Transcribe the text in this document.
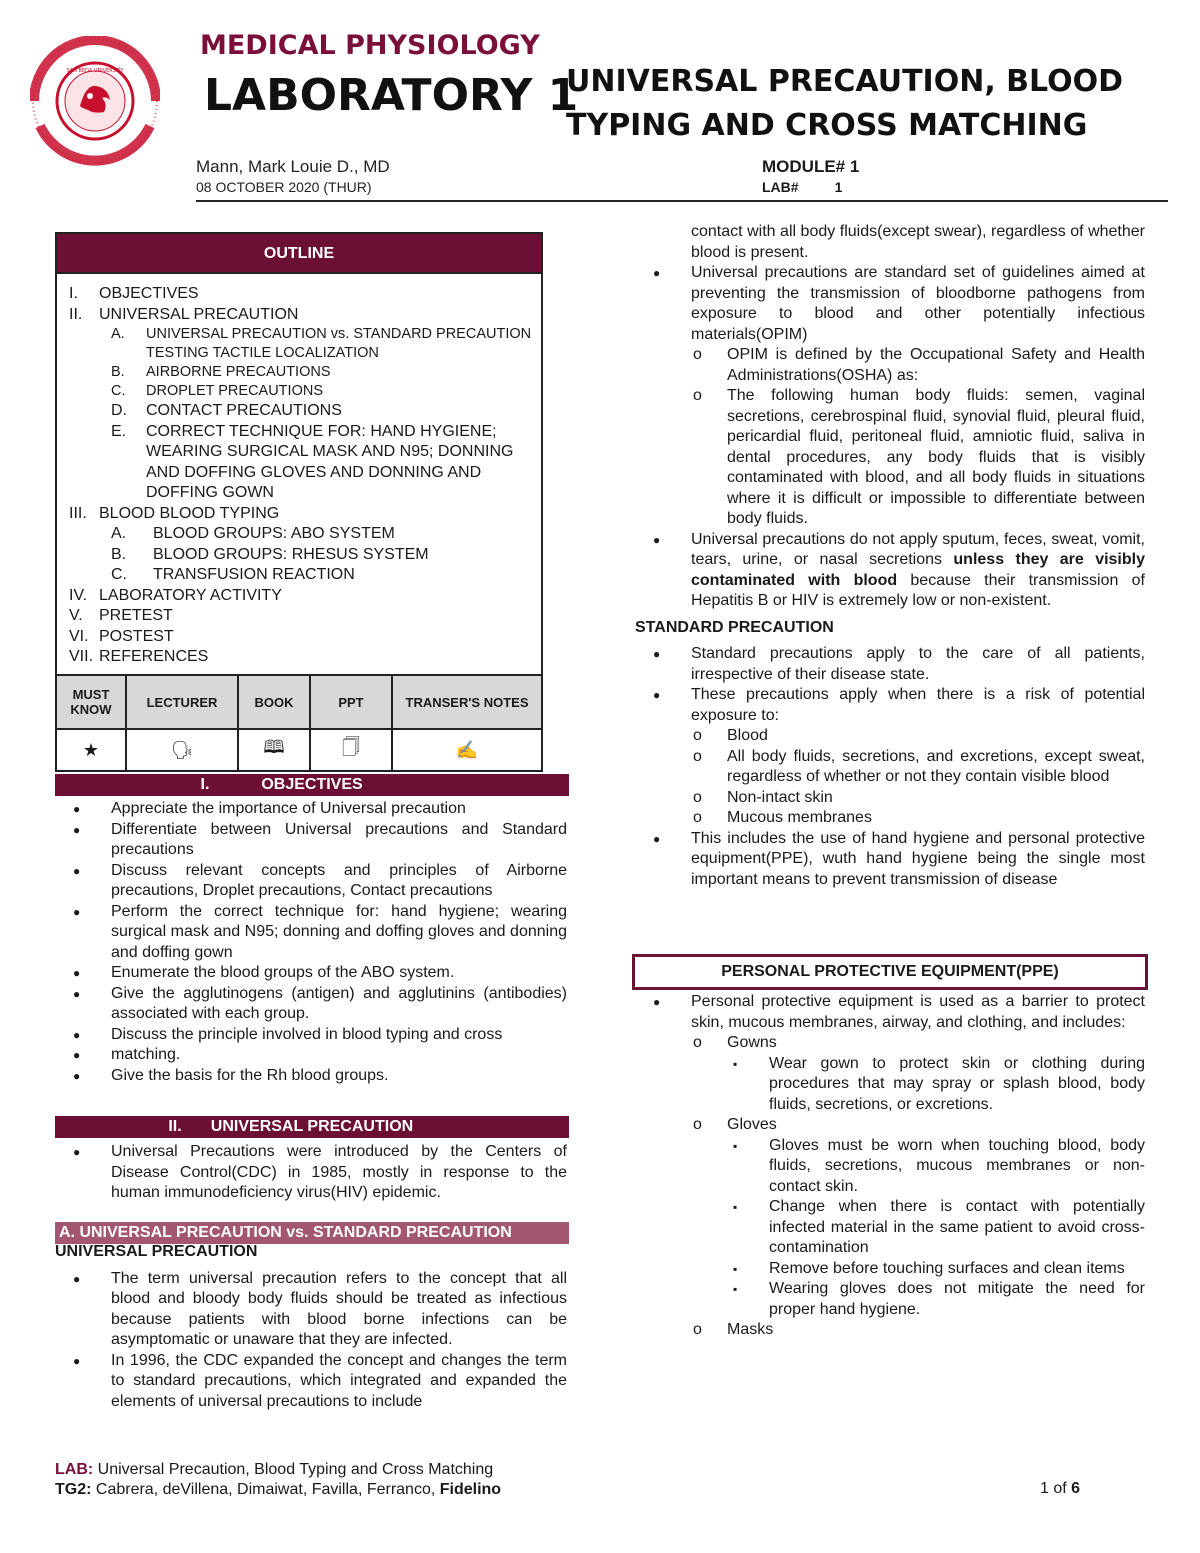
SAN BEDA UNIVERSITY
MEDICAL PHYSIOLOGY
LABORATORY 1
UNIVERSAL PRECAUTION, BLOOD TYPING AND CROSS MATCHING
Mann, Mark Louie D., MD
08 OCTOBER 2020 (THUR)
MODULE# 1
LAB#	1
OUTLINE
I.	OBJECTIVES
II.	UNIVERSAL PRECAUTION
A.	UNIVERSAL PRECAUTION vs. STANDARD PRECAUTION TESTING TACTILE LOCALIZATION
B.	AIRBORNE PRECAUTIONS
C.	DROPLET PRECAUTIONS
D.	CONTACT PRECAUTIONS
E.	CORRECT TECHNIQUE FOR: HAND HYGIENE; WEARING SURGICAL MASK AND N95; DONNING AND DOFFING GLOVES AND DONNING AND DOFFING GOWN
III. BLOOD BLOOD TYPING
A.	BLOOD GROUPS: ABO SYSTEM
B.	BLOOD GROUPS: RHESUS SYSTEM
C.	TRANSFUSION REACTION
IV. LABORATORY ACTIVITY
V.	PRETEST
VI. POSTEST
VII. REFERENCES
MUST KNOW
★
LECTURER
🗣
BOOK
🕮
PPT
🗍
TRANSER'S NOTES
✍
I.	OBJECTIVES
● Appreciate the importance of Universal precaution
● Differentiate between Universal precautions and Standard precautions
● Discuss relevant concepts and principles of Airborne precautions, Droplet precautions, Contact precautions
● Perform the correct technique for: hand hygiene; wearing surgical mask and N95; donning and doffing gloves and donning and doffing gown
● Enumerate the blood groups of the ABO system.
● Give the agglutinogens (antigen) and agglutinins (antibodies) associated with each group.
● Discuss the principle involved in blood typing and cross
● matching.
● Give the basis for the Rh blood groups.
II.	UNIVERSAL PRECAUTION
● Universal Precautions were introduced by the Centers of Disease Control(CDC) in 1985, mostly in response to the human immunodeficiency virus(HIV) epidemic.
A. UNIVERSAL PRECAUTION vs. STANDARD PRECAUTION
UNIVERSAL PRECAUTION
● The term universal precaution refers to the concept that all blood and bloody body fluids should be treated as infectious because patients with blood borne infections can be asymptomatic or unaware that they are infected.
● In 1996, the CDC expanded the concept and changes the term to standard precautions, which integrated and expanded the elements of universal precautions to include
contact with all body fluids(except swear), regardless of whether blood is present.
● Universal precautions are standard set of guidelines aimed at preventing the transmission of bloodborne pathogens from exposure to blood and other potentially infectious materials(OPIM)
o OPIM is defined by the Occupational Safety and Health Administrations(OSHA) as:
o The following human body fluids: semen, vaginal secretions, cerebrospinal fluid, synovial fluid, pleural fluid, pericardial fluid, peritoneal fluid, amniotic fluid, saliva in dental procedures, any body fluids that is visibly contaminated with blood, and all body fluids in situations where it is difficult or impossible to differentiate between body fluids.
● Universal precautions do not apply sputum, feces, sweat, vomit, tears, urine, or nasal secretions unless they are visibly contaminated with blood because their transmission of Hepatitis B or HIV is extremely low or non-existent.
STANDARD PRECAUTION
● Standard precautions apply to the care of all patients, irrespective of their disease state.
● These precautions apply when there is a risk of potential exposure to:
o Blood
o All body fluids, secretions, and excretions, except sweat, regardless of whether or not they contain visible blood
o Non-intact skin
o Mucous membranes
● This includes the use of hand hygiene and personal protective equipment(PPE), wuth hand hygiene being the single most important means to prevent transmission of disease
PERSONAL PROTECTIVE EQUIPMENT(PPE)
● Personal protective equipment is used as a barrier to protect skin, mucous membranes, airway, and clothing, and includes:
o Gowns
▪ Wear gown to protect skin or clothing during procedures that may spray or splash blood, body fluids, secretions, or excretions.
o Gloves
▪ Gloves must be worn when touching blood, body fluids, secretions, mucous membranes or non-contact skin.
▪ Change when there is contact with potentially infected material in the same patient to avoid cross-contamination
▪ Remove before touching surfaces and clean items
▪ Wearing gloves does not mitigate the need for proper hand hygiene.
o Masks
LAB: Universal Precaution, Blood Typing and Cross Matching
TG2: Cabrera, deVillena, Dimaiwat, Favilla, Ferranco, Fidelino	1 of 6
